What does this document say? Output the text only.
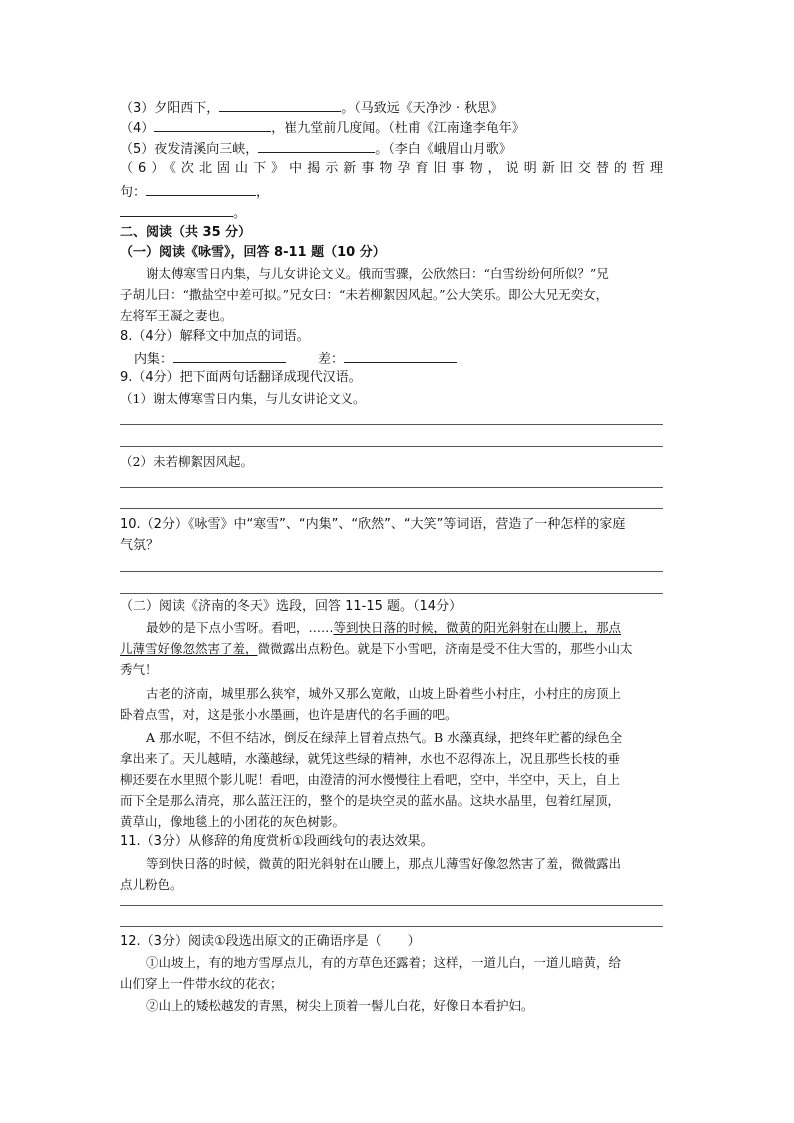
（3）夕阳西下，	。（马致远《天净沙 · 秋思》
（4）	，崔九堂前几度闻。（杜甫《江南逢李龟年》
（5）夜发清溪向三峡，	。（李白《峨眉山月歌》
（6）《次北固山下》中揭示新事物孕育旧事物，说明新旧交替的哲理
句：	，
。
二、阅读（共 35 分）
（一）阅读《咏雪》，回答 8-11 题（10 分）
谢太傅寒雪日内集，与儿女讲论文义。俄而雪骤，公欣然曰：“白雪纷纷何所似？”兄
子胡儿曰：“撒盐空中差可拟。”兄女曰：“未若柳絮因风起。”公大笑乐。即公大兄无奕女，
左将军王凝之妻也。
8.（4分）解释文中加点的词语。
内集：	差：
9.（4分）把下面两句话翻译成现代汉语。
（1）谢太傅寒雪日内集，与儿女讲论文义。
（2）未若柳絮因风起。
10.（2分）《咏雪》中“寒雪”、“内集”、“欣然”、“大笑”等词语，营造了一种怎样的家庭
气氛？
（二）阅读《济南的冬天》选段，回答 11-15 题。（14分）
最妙的是下点小雪呀。看吧，……等到快日落的时候，微黄的阳光斜射在山腰上，那点
儿薄雪好像忽然害了羞，微微露出点粉色。就是下小雪吧，济南是受不住大雪的，那些小山太
秀气！
古老的济南，城里那么狭窄，城外又那么宽敞，山坡上卧着些小村庄，小村庄的房顶上
卧着点雪，对，这是张小水墨画，也许是唐代的名手画的吧。
A 那水呢，不但不结冰，倒反在绿萍上冒着点热气。B 水藻真绿，把终年贮蓄的绿色全
拿出来了。天儿越晴，水藻越绿，就凭这些绿的精神，水也不忍得冻上，况且那些长枝的垂
柳还要在水里照个影儿呢！看吧，由澄清的河水慢慢往上看吧，空中，半空中，天上，自上
而下全是那么清亮，那么蓝汪汪的，整个的是块空灵的蓝水晶。这块水晶里，包着红屋顶，
黄草山，像地毯上的小团花的灰色树影。
11.（3分）从修辞的角度赏析①段画线句的表达效果。
等到快日落的时候，微黄的阳光斜射在山腰上，那点儿薄雪好像忽然害了羞，微微露出
点儿粉色。
12.（3分）阅读①段选出原文的正确语序是（　　）
①山坡上，有的地方雪厚点儿，有的方草色还露着；这样，一道儿白，一道儿暗黄，给
山们穿上一件带水纹的花衣；
②山上的矮松越发的青黑，树尖上顶着一髻儿白花，好像日本看护妇。
